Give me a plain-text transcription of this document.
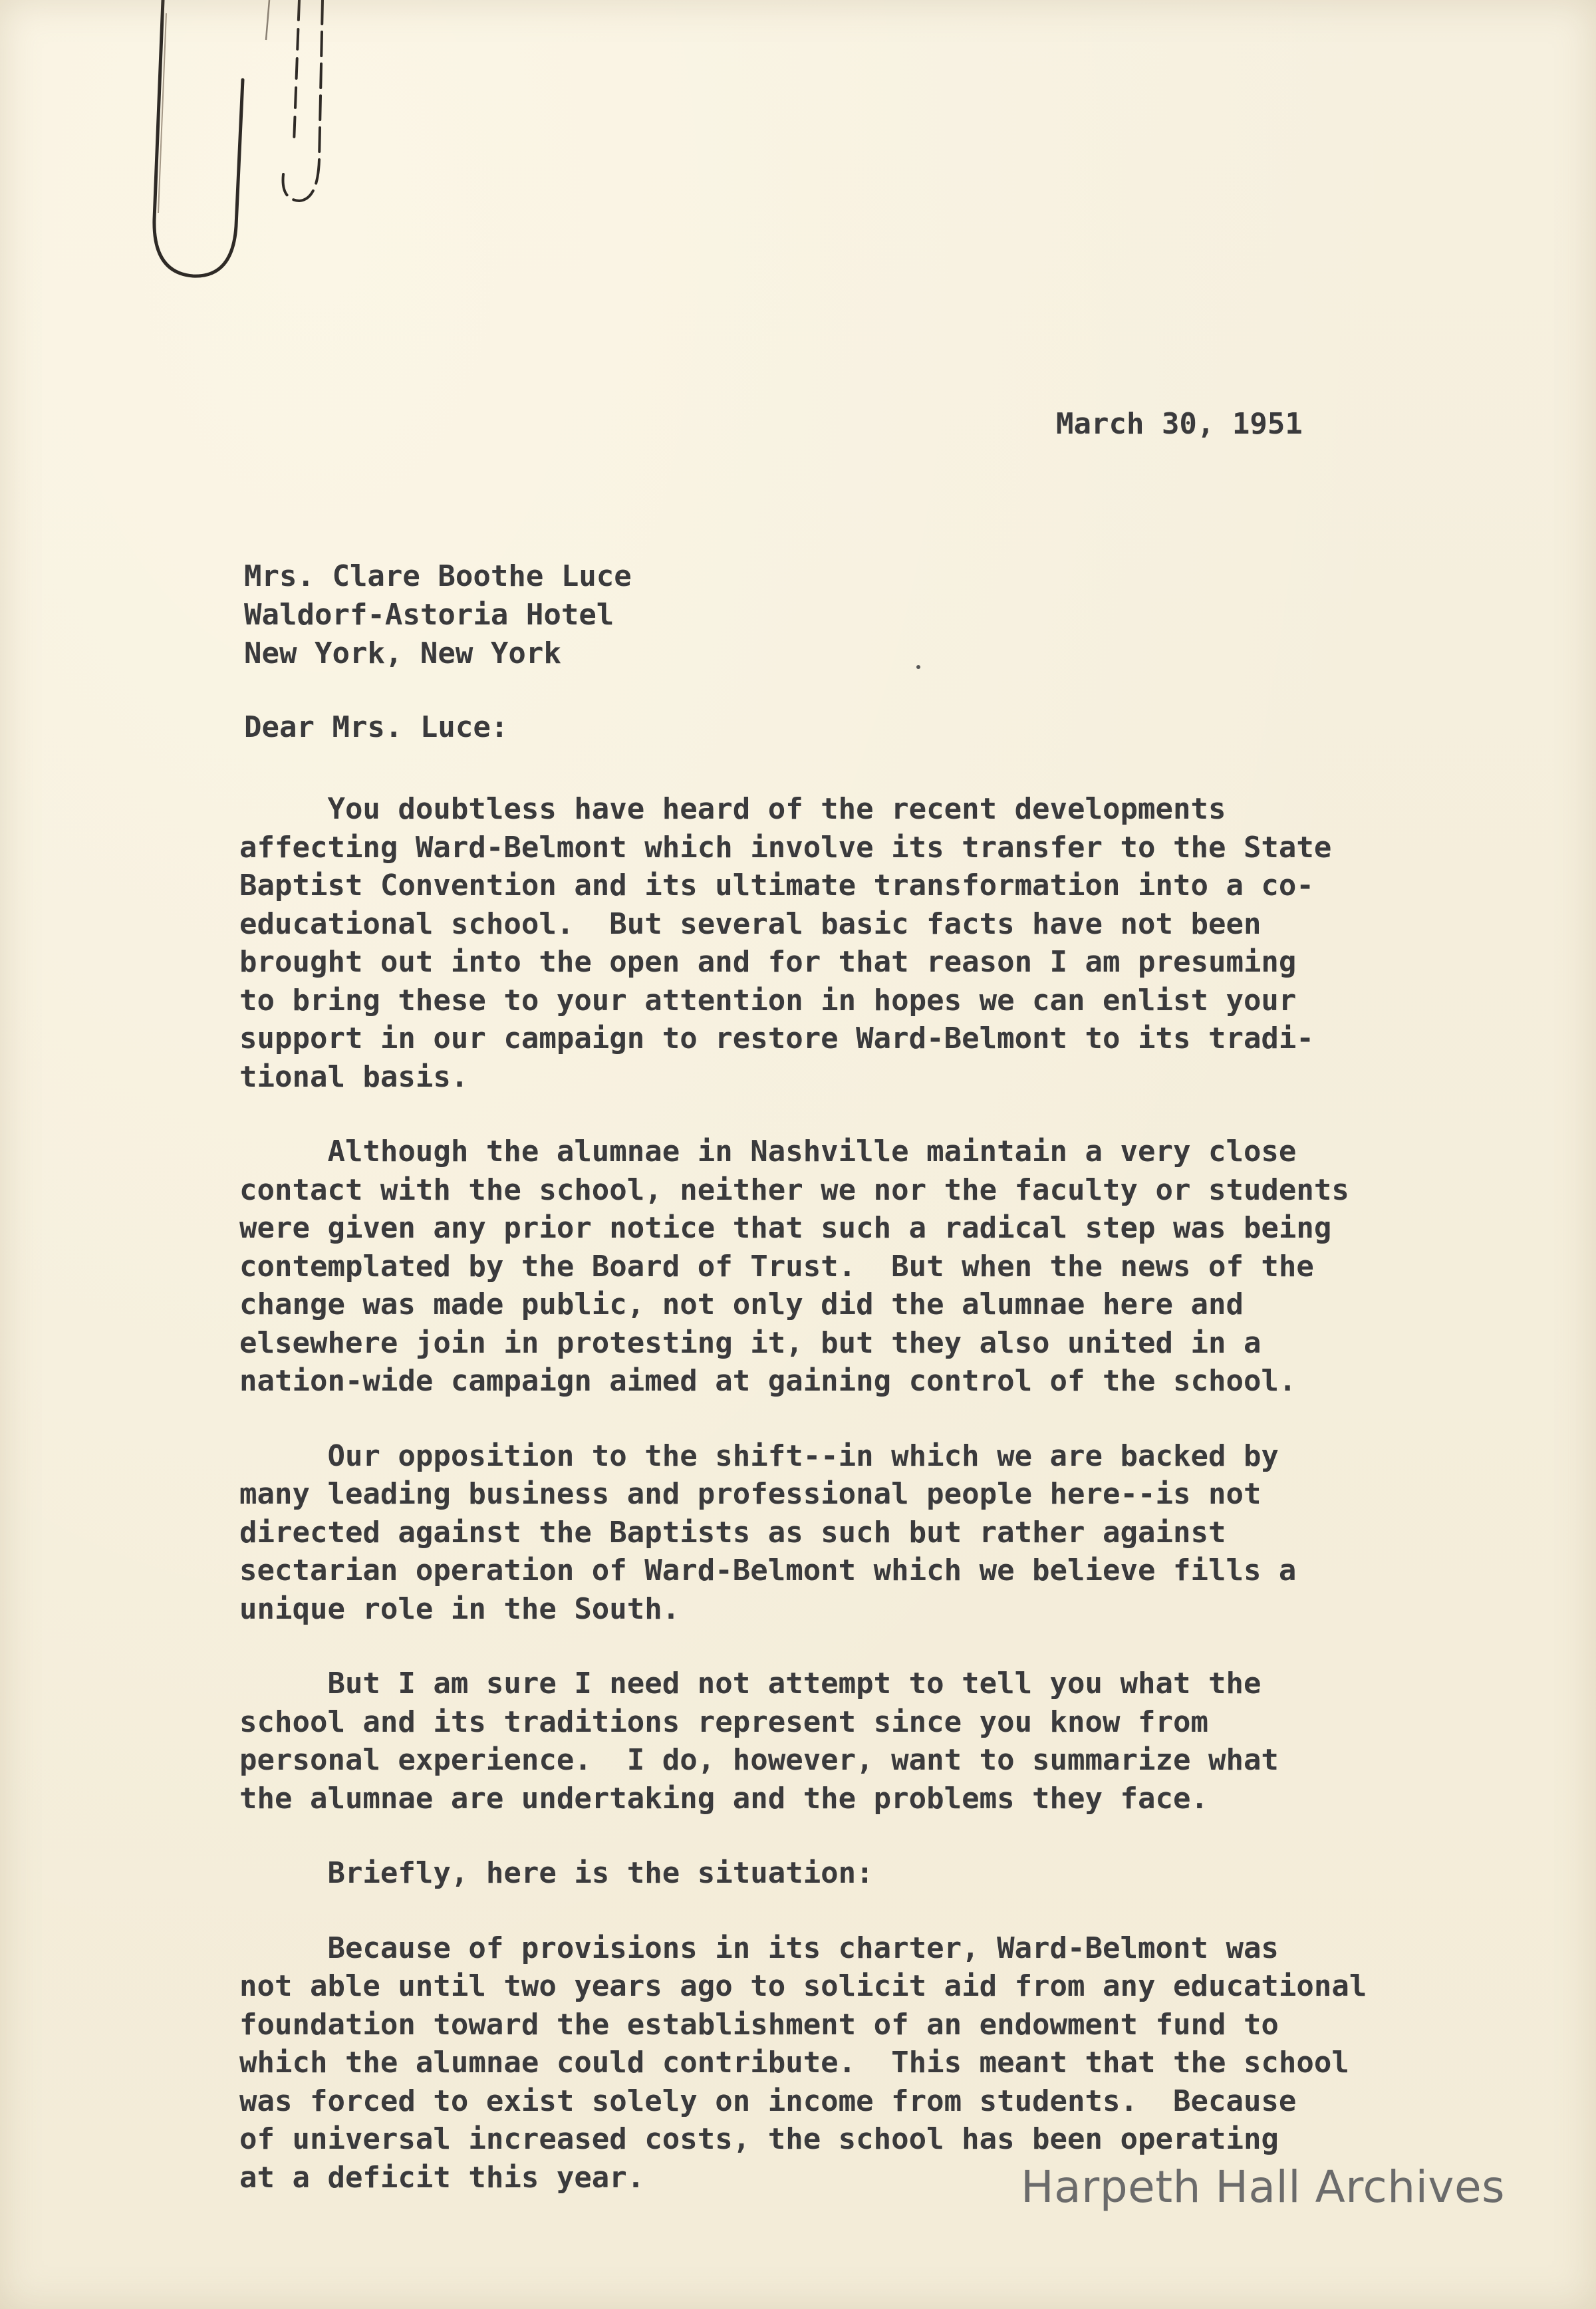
March 30, 1951
Mrs. Clare Boothe Luce
Waldorf-Astoria Hotel
New York, New York
Dear Mrs. Luce:
You doubtless have heard of the recent developments
affecting Ward-Belmont which involve its transfer to the State
Baptist Convention and its ultimate transformation into a co-
educational school.  But several basic facts have not been
brought out into the open and for that reason I am presuming
to bring these to your attention in hopes we can enlist your
support in our campaign to restore Ward-Belmont to its tradi-
tional basis.
Although the alumnae in Nashville maintain a very close
contact with the school, neither we nor the faculty or students
were given any prior notice that such a radical step was being
contemplated by the Board of Trust.  But when the news of the
change was made public, not only did the alumnae here and
elsewhere join in protesting it, but they also united in a
nation-wide campaign aimed at gaining control of the school.
Our opposition to the shift--in which we are backed by
many leading business and professional people here--is not
directed against the Baptists as such but rather against
sectarian operation of Ward-Belmont which we believe fills a
unique role in the South.
But I am sure I need not attempt to tell you what the
school and its traditions represent since you know from
personal experience.  I do, however, want to summarize what
the alumnae are undertaking and the problems they face.
Briefly, here is the situation:
Because of provisions in its charter, Ward-Belmont was
not able until two years ago to solicit aid from any educational
foundation toward the establishment of an endowment fund to
which the alumnae could contribute.  This meant that the school
was forced to exist solely on income from students.  Because
of universal increased costs, the school has been operating
at a deficit this year.	Harpeth Hall Archives
